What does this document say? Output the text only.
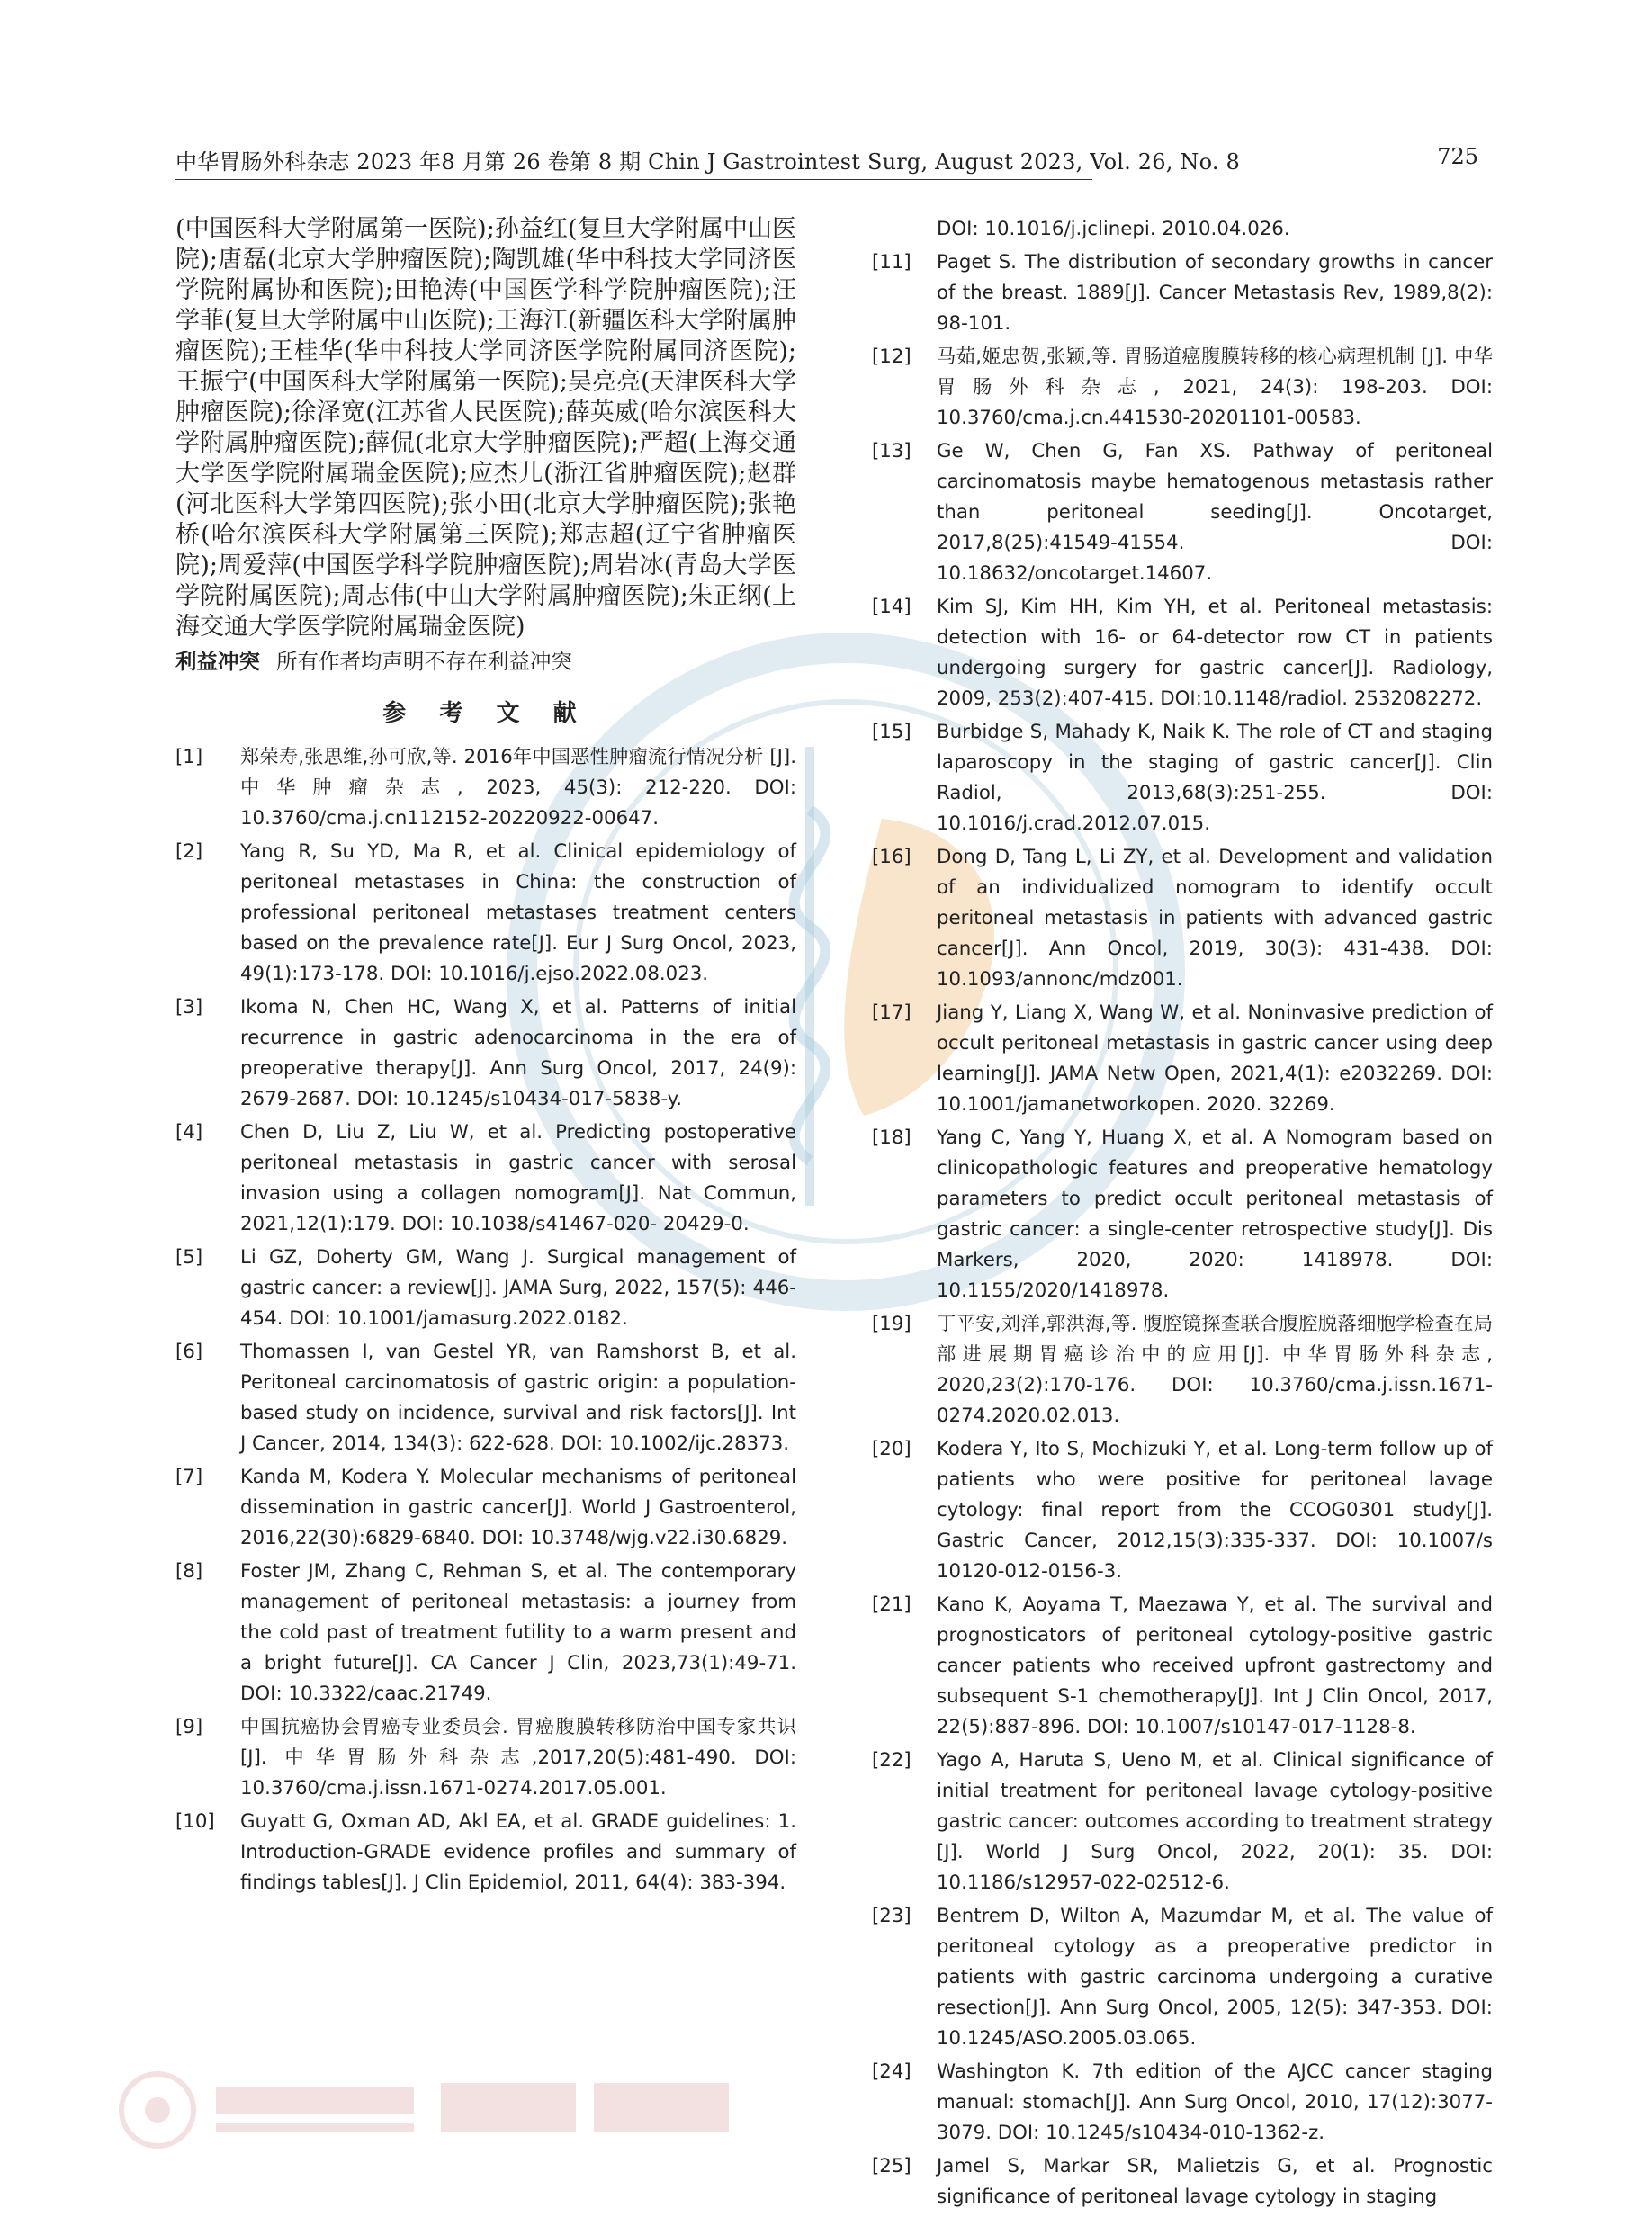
中华胃肠外科杂志 2023 年8 月第 26 卷第 8 期 Chin J Gastrointest Surg, August 2023, Vol. 26, No. 8	725

(中国医科大学附属第一医院);孙益红(复旦大学附属中山医院);唐磊(北京大学肿瘤医院);陶凯雄(华中科技大学同济医学院附属协和医院);田艳涛(中国医学科学院肿瘤医院);汪学菲(复旦大学附属中山医院);王海江(新疆医科大学附属肿瘤医院);王桂华(华中科技大学同济医学院附属同济医院);王振宁(中国医科大学附属第一医院);吴亮亮(天津医科大学肿瘤医院);徐泽宽(江苏省人民医院);薛英威(哈尔滨医科大学附属肿瘤医院);薛侃(北京大学肿瘤医院);严超(上海交通大学医学院附属瑞金医院);应杰儿(浙江省肿瘤医院);赵群(河北医科大学第四医院);张小田(北京大学肿瘤医院);张艳桥(哈尔滨医科大学附属第三医院);郑志超(辽宁省肿瘤医院);周爱萍(中国医学科学院肿瘤医院);周岩冰(青岛大学医学院附属医院);周志伟(中山大学附属肿瘤医院);朱正纲(上海交通大学医学院附属瑞金医院)

利益冲突 所有作者均声明不存在利益冲突

参 考 文 献
[1]	郑荣寿,张思维,孙可欣,等. 2016年中国恶性肿瘤流行情况分析 [J]. 中华肿瘤杂志, 2023, 45(3): 212-220. DOI: 10.3760/cma.j.cn112152-20220922-00647.
[2]	Yang R, Su YD, Ma R, et al. Clinical epidemiology of peritoneal metastases in China: the construction of professional peritoneal metastases treatment centers based on the prevalence rate[J]. Eur J Surg Oncol, 2023, 49(1):173-178. DOI: 10.1016/j.ejso.2022.08.023.
[3]	Ikoma N, Chen HC, Wang X, et al. Patterns of initial recurrence in gastric adenocarcinoma in the era of preoperative therapy[J]. Ann Surg Oncol, 2017, 24(9): 2679-2687. DOI: 10.1245/s10434-017-5838-y.
[4]	Chen D, Liu Z, Liu W, et al. Predicting postoperative peritoneal metastasis in gastric cancer with serosal invasion using a collagen nomogram[J]. Nat Commun, 2021,12(1):179. DOI: 10.1038/s41467-020- 20429-0.
[5]	Li GZ, Doherty GM, Wang J. Surgical management of gastric cancer: a review[J]. JAMA Surg, 2022, 157(5): 446-454. DOI: 10.1001/jamasurg.2022.0182.
[6]	Thomassen I, van Gestel YR, van Ramshorst B, et al. Peritoneal carcinomatosis of gastric origin: a population-based study on incidence, survival and risk factors[J]. Int J Cancer, 2014, 134(3): 622-628. DOI: 10.1002/ijc.28373.
[7]	Kanda M, Kodera Y. Molecular mechanisms of peritoneal dissemination in gastric cancer[J]. World J Gastroenterol, 2016,22(30):6829-6840. DOI: 10.3748/wjg.v22.i30.6829.
[8]	Foster JM, Zhang C, Rehman S, et al. The contemporary management of peritoneal metastasis: a journey from the cold past of treatment futility to a warm present and a bright future[J]. CA Cancer J Clin, 2023,73(1):49-71. DOI: 10.3322/caac.21749.
[9]	中国抗癌协会胃癌专业委员会. 胃癌腹膜转移防治中国专家共识[J]. 中华胃肠外科杂志,2017,20(5):481-490. DOI: 10.3760/cma.j.issn.1671-0274.2017.05.001.
[10]	Guyatt G, Oxman AD, Akl EA, et al. GRADE guidelines: 1. Introduction-GRADE evidence profiles and summary of findings tables[J]. J Clin Epidemiol, 2011, 64(4): 383-394.
DOI: 10.1016/j.jclinepi. 2010.04.026.
[11]	Paget S. The distribution of secondary growths in cancer of the breast. 1889[J]. Cancer Metastasis Rev, 1989,8(2): 98-101.
[12]	马茹,姬忠贺,张颖,等. 胃肠道癌腹膜转移的核心病理机制 [J]. 中华胃肠外科杂志, 2021, 24(3): 198-203. DOI: 10.3760/cma.j.cn.441530-20201101-00583.
[13]	Ge W, Chen G, Fan XS. Pathway of peritoneal carcinomatosis maybe hematogenous metastasis rather than peritoneal seeding[J]. Oncotarget, 2017,8(25):41549-41554. DOI: 10.18632/oncotarget.14607.
[14]	Kim SJ, Kim HH, Kim YH, et al. Peritoneal metastasis: detection with 16- or 64-detector row CT in patients undergoing surgery for gastric cancer[J]. Radiology, 2009, 253(2):407-415. DOI:10.1148/radiol. 2532082272.
[15]	Burbidge S, Mahady K, Naik K. The role of CT and staging laparoscopy in the staging of gastric cancer[J]. Clin Radiol, 2013,68(3):251-255. DOI: 10.1016/j.crad.2012.07.015.
[16]	Dong D, Tang L, Li ZY, et al. Development and validation of an individualized nomogram to identify occult peritoneal metastasis in patients with advanced gastric cancer[J]. Ann Oncol, 2019, 30(3): 431-438. DOI: 10.1093/annonc/mdz001.
[17]	Jiang Y, Liang X, Wang W, et al. Noninvasive prediction of occult peritoneal metastasis in gastric cancer using deep learning[J]. JAMA Netw Open, 2021,4(1): e2032269. DOI: 10.1001/jamanetworkopen. 2020. 32269.
[18]	Yang C, Yang Y, Huang X, et al. A Nomogram based on clinicopathologic features and preoperative hematology parameters to predict occult peritoneal metastasis of gastric cancer: a single-center retrospective study[J]. Dis Markers, 2020, 2020: 1418978. DOI: 10.1155/2020/1418978.
[19]	丁平安,刘洋,郭洪海,等. 腹腔镜探查联合腹腔脱落细胞学检查在局部进展期胃癌诊治中的应用[J]. 中华胃肠外科杂志, 2020,23(2):170-176. DOI: 10.3760/cma.j.issn.1671-0274.2020.02.013.
[20]	Kodera Y, Ito S, Mochizuki Y, et al. Long-term follow up of patients who were positive for peritoneal lavage cytology: final report from the CCOG0301 study[J]. Gastric Cancer, 2012,15(3):335-337. DOI: 10.1007/s 10120-012-0156-3.
[21]	Kano K, Aoyama T, Maezawa Y, et al. The survival and prognosticators of peritoneal cytology-positive gastric cancer patients who received upfront gastrectomy and subsequent S-1 chemotherapy[J]. Int J Clin Oncol, 2017, 22(5):887-896. DOI: 10.1007/s10147-017-1128-8.
[22]	Yago A, Haruta S, Ueno M, et al. Clinical significance of initial treatment for peritoneal lavage cytology-positive gastric cancer: outcomes according to treatment strategy [J]. World J Surg Oncol, 2022, 20(1): 35. DOI: 10.1186/s12957-022-02512-6.
[23]	Bentrem D, Wilton A, Mazumdar M, et al. The value of peritoneal cytology as a preoperative predictor in patients with gastric carcinoma undergoing a curative resection[J]. Ann Surg Oncol, 2005, 12(5): 347-353. DOI: 10.1245/ASO.2005.03.065.
[24]	Washington K. 7th edition of the AJCC cancer staging manual: stomach[J]. Ann Surg Oncol, 2010, 17(12):3077-3079. DOI: 10.1245/s10434-010-1362-z.
[25]	Jamel S, Markar SR, Malietzis G, et al. Prognostic significance of peritoneal lavage cytology in staging
